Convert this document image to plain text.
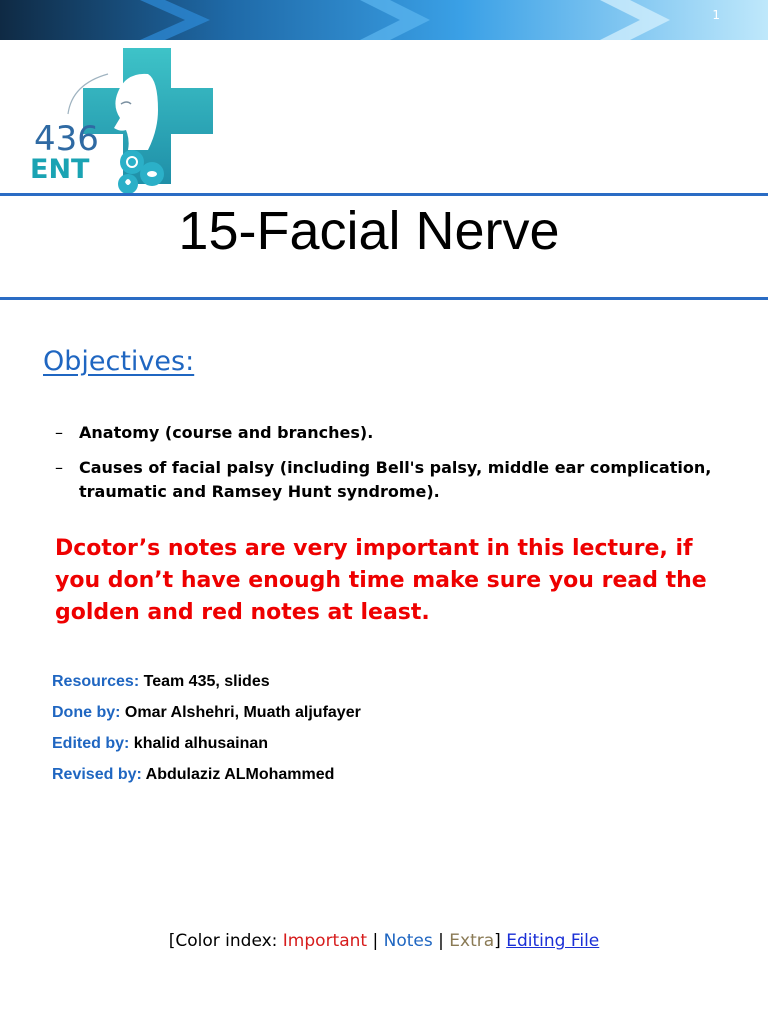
1
436
ENT
15-Facial Nerve
Objectives:
– Anatomy (course and branches).
– Causes of facial palsy (including Bell's palsy, middle ear complication, traumatic and Ramsey Hunt syndrome).
Dcotor’s notes are very important in this lecture, if you don’t have enough time make sure you read the golden and red notes at least.
Resources: Team 435, slides
Done by: Omar Alshehri, Muath aljufayer
Edited by: khalid alhusainan
Revised by: Abdulaziz ALMohammed
[Color index: Important | Notes | Extra] Editing File
